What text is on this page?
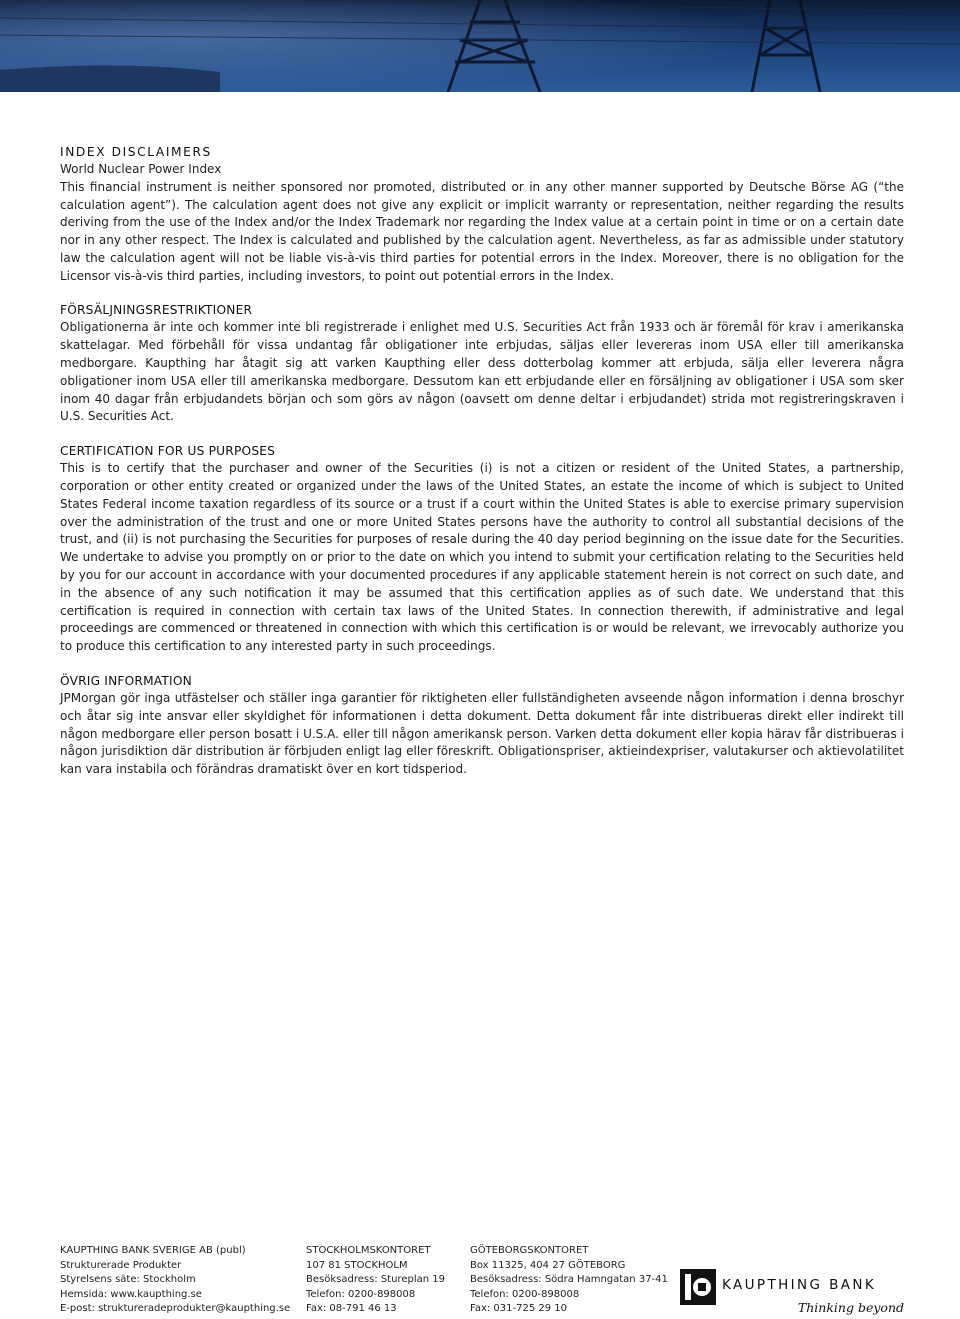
INDEX DISCLAIMERS
World Nuclear Power Index

This financial instrument is neither sponsored nor promoted, distributed or in any other manner supported by Deutsche Börse AG (“the calculation agent”). The calculation agent does not give any explicit or implicit warranty or representation, neither regarding the results deriving from the use of the Index and/or the Index Trademark nor regarding the Index value at a certain point in time or on a certain date nor in any other respect. The Index is calculated and published by the calculation agent. Nevertheless, as far as admissible under statutory law the calculation agent will not be liable vis-à-vis third parties for potential errors in the Index. Moreover, there is no obligation for the Licensor vis-à-vis third parties, including investors, to point out potential errors in the Index.

FÖRSÄLJNINGSRESTRIKTIONER

Obligationerna är inte och kommer inte bli registrerade i enlighet med U.S. Securities Act från 1933 och är föremål för krav i amerikanska skattelagar. Med förbehåll för vissa undantag får obligationer inte erbjudas, säljas eller levereras inom USA eller till amerikanska medborgare. Kaupthing har åtagit sig att varken Kaupthing eller dess dotterbolag kommer att erbjuda, sälja eller leverera några obligationer inom USA eller till amerikanska medborgare. Dessutom kan ett erbjudande eller en försäljning av obligationer i USA som sker inom 40 dagar från erbjudandets början och som görs av någon (oavsett om denne deltar i erbjudandet) strida mot registreringskraven i U.S. Securities Act.

CERTIFICATION FOR US PURPOSES

This is to certify that the purchaser and owner of the Securities (i) is not a citizen or resident of the United States, a partnership, corporation or other entity created or organized under the laws of the United States, an estate the income of which is subject to United States Federal income taxation regardless of its source or a trust if a court within the United States is able to exercise primary supervision over the administration of the trust and one or more United States persons have the authority to control all substantial decisions of the trust, and (ii) is not purchasing the Securities for purposes of resale during the 40 day period beginning on the issue date for the Securities. We undertake to advise you promptly on or prior to the date on which you intend to submit your certification relating to the Securities held by you for our account in accordance with your documented procedures if any applicable statement herein is not correct on such date, and in the absence of any such notification it may be assumed that this certification applies as of such date. We understand that this certification is required in connection with certain tax laws of the United States. In connection therewith, if administrative and legal proceedings are commenced or threatened in connection with which this certification is or would be relevant, we irrevocably authorize you to produce this certification to any interested party in such proceedings.

ÖVRIG INFORMATION

JPMorgan gör inga utfästelser och ställer inga garantier för riktigheten eller fullständigheten avseende någon information i denna broschyr och åtar sig inte ansvar eller skyldighet för informationen i detta dokument. Detta dokument får inte distribueras direkt eller indirekt till någon medborgare eller person bosatt i U.S.A. eller till någon amerikansk person. Varken detta dokument eller kopia härav får distribueras i någon jurisdiktion där distribution är förbjuden enligt lag eller föreskrift. Obligationspriser, aktieindexpriser, valutakurser och aktievolatilitet kan vara instabila och förändras dramatiskt över en kort tidsperiod.

KAUPTHING BANK SVERIGE AB (publ)
Strukturerade Produkter
Styrelsens säte: Stockholm
Hemsida: www.kaupthing.se
E-post: struktureradeprodukter@kaupthing.se
STOCKHOLMSKONTORET
107 81 STOCKHOLM
Besöksadress: Stureplan 19
Telefon: 0200-898008
Fax: 08-791 46 13
GÖTEBORGSKONTORET
Box 11325, 404 27 GÖTEBORG
Besöksadress: Södra Hamngatan 37-41
Telefon: 0200-898008
Fax: 031-725 29 10
KAUPTHING BANK
Thinking beyond
